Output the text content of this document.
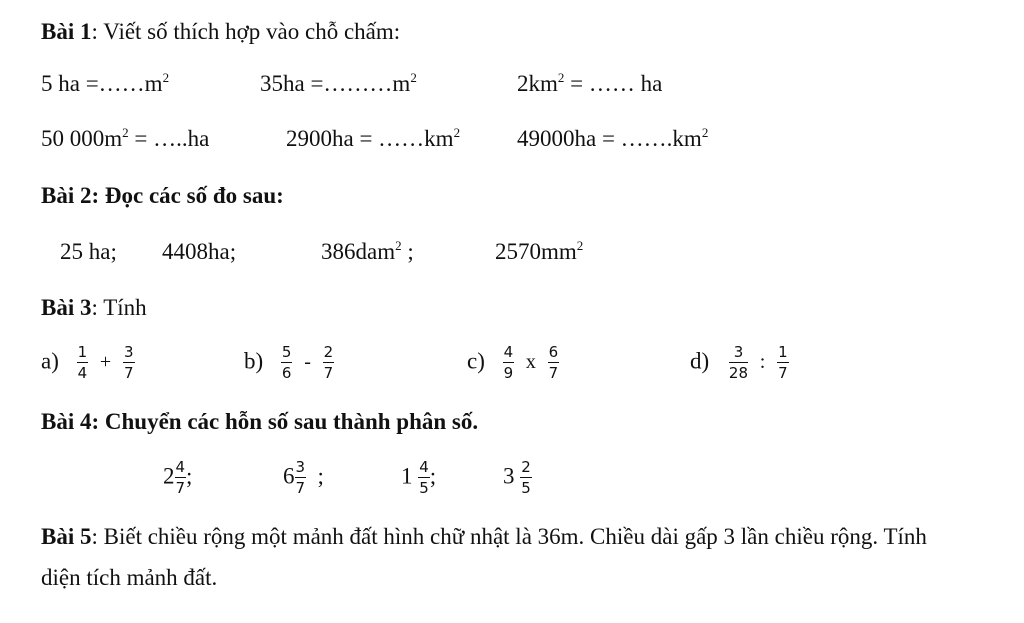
Bài 1: Viết số thích hợp vào chỗ chấm:
5 ha $=\dots\dots m^2$	$35ha =\dots\dots\dots m^2$	$2km^2$ = …… ha
50 $000m^2$ = …..ha	$2900ha = \dots\dots km^2$ $49000ha = \dots\dots.km^2$
Bài 2: Đọc các số đo sau:
25 ha; 4408ha;	386dam$^2$ ;	$2570mm^2$
Bài 3: Tính
$a) \frac{1}{4} + \frac{3}{7}$	$b) \frac{5}{6} - \frac{2}{7}$	$c) \frac{4}{9}$ x $\frac{6}{7}$	$d) \frac{3}{28}$ : $\frac{1}{7}$
Bài 4: Chuyển các hỗn số sau thành phân số.
$2 \frac{4}{7}$ ;	$6 \frac{3}{7}$ ;	$1 \frac{4}{5}$ ;	$3 \frac{2}{5}$
Bài 5: Biết chiều rộng một mảnh đất hình chữ nhật là 36m. Chiều dài gấp 3 lần chiều rộng. Tính
diện tích mảnh đất.
